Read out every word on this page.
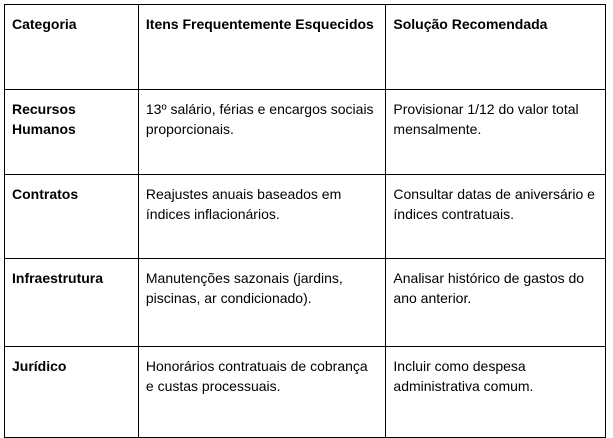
Categoria	Itens Frequentemente Esquecidos	Solução Recomendada
Recursos Humanos	13º salário, férias e encargos sociais proporcionais.	Provisionar 1/12 do valor total mensalmente.
Contratos	Reajustes anuais baseados em índices inflacionários.	Consultar datas de aniversário e índices contratuais.
Infraestrutura	Manutenções sazonais (jardins, piscinas, ar condicionado).	Analisar histórico de gastos do ano anterior.
Jurídico	Honorários contratuais de cobrança e custas processuais.	Incluir como despesa administrativa comum.
